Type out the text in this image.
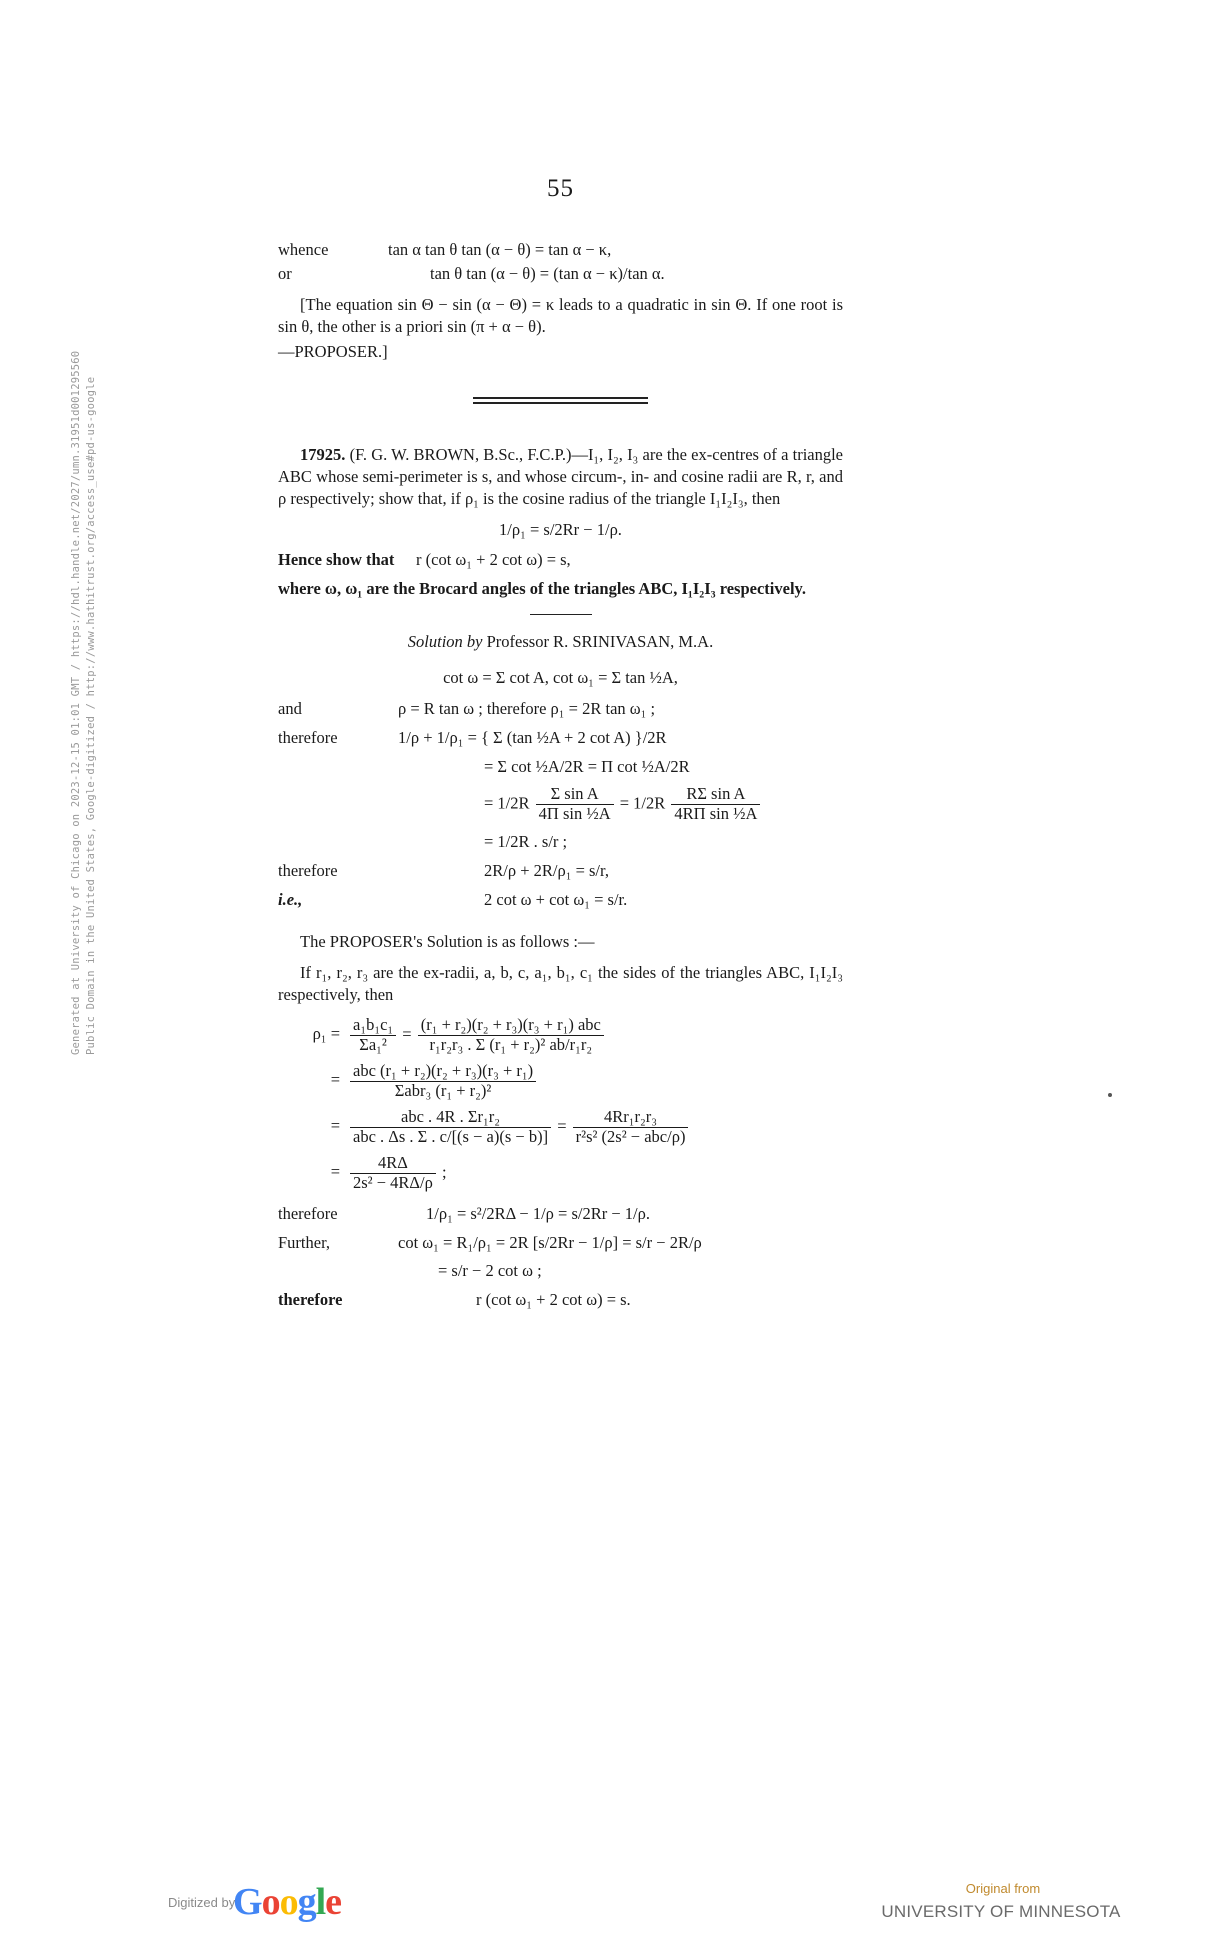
Generated at University of Chicago on 2023-12-15 01:01 GMT / https://hdl.handle.net/2027/umn.31951d001295560 Public Domain in the United States, Google-digitized / http://www.hathitrust.org/access_use#pd-us-google
55
whence	tan α tan θ tan (α − θ) = tan α − κ,
or	tan θ tan (α − θ) = (tan α − κ)/tan α.

[The equation sin Θ − sin (α − Θ) = κ leads to a quadratic in sin Θ. If one root is sin θ, the other is a priori sin (π + α − θ).

—PROPOSER.]

17925. (F. G. W. BROWN, B.Sc., F.C.P.)—I₁, I₂, I₃ are the ex-centres of a triangle ABC whose semi-perimeter is s, and whose circum-, in- and cosine radii are R, r, and ρ respectively; show that, if ρ₁ is the cosine radius of the triangle I₁I₂I₃, then

1/ρ₁ = s/2Rr − 1/ρ.
Hence show that	r (cot ω₁ + 2 cot ω) = s,

where ω, ω₁ are the Brocard angles of the triangles ABC, I₁I₂I₃ respectively.

Solution by Professor R. SRINIVASAN, M.A.
cot ω = Σ cot A, cot ω₁ = Σ tan ½A,
and	ρ = R tan ω ; therefore ρ₁ = 2R tan ω₁ ;
therefore	1/ρ + 1/ρ₁ = { Σ (tan ½A + 2 cot A) }/2R
= Σ cot ½A/2R = Π cot ½A/2R
= $1/2R \frac{\text{Σ sin A}}{\text{4Π sin ½A}} = 1/2R \frac{\text{RΣ sin A}}{\text{4RΠ sin ½A}}$
= 1/2R . s/r ;
therefore	2R/ρ + 2R/ρ₁ = s/r,
i.e.,	2 cot ω + cot ω₁ = s/r.

The PROPOSER's Solution is as follows :—

If r₁, r₂, r₃ are the ex-radii, a, b, c, a₁, b₁, c₁ the sides of the triangles ABC, I₁I₂I₃ respectively, then

$\rho_1 = \frac{\text{a₁b₁c₁}}{\text{Σa₁²}} = \frac{\text{(r₁ + r₂)(r₂ + r₃)(r₃ + r₁) abc}}{\text{r₁r₂r₃ . Σ (r₁ + r₂)² ab/r₁r₂}}$
= $\frac{\text{abc (r₁ + r₂)(r₂ + r₃)(r₃ + r₁)}}{\text{Σabr₃ (r₁ + r₂)²}}$
= $\frac{\text{abc . 4R . Σr₁r₂}}{\text{abc . Δs . Σ . c/[(s − a)(s − b)]}} = \frac{\text{4Rr₁r₂r₃}}{\text{r²s² (2s² − abc/ρ)}}$
= $\frac{4R\Delta}{\text{2s² − 4RΔ/ρ}}$ ;
therefore	1/ρ₁ = s²/2RΔ − 1/ρ = s/2Rr − 1/ρ.
Further,	cot ω₁ = R₁/ρ₁ = 2R [s/2Rr − 1/ρ] = s/r − 2R/ρ
= s/r − 2 cot ω ;
therefore	r (cot ω₁ + 2 cot ω) = s.
Digitized by
Google	Original from
UNIVERSITY OF MINNESOTA
